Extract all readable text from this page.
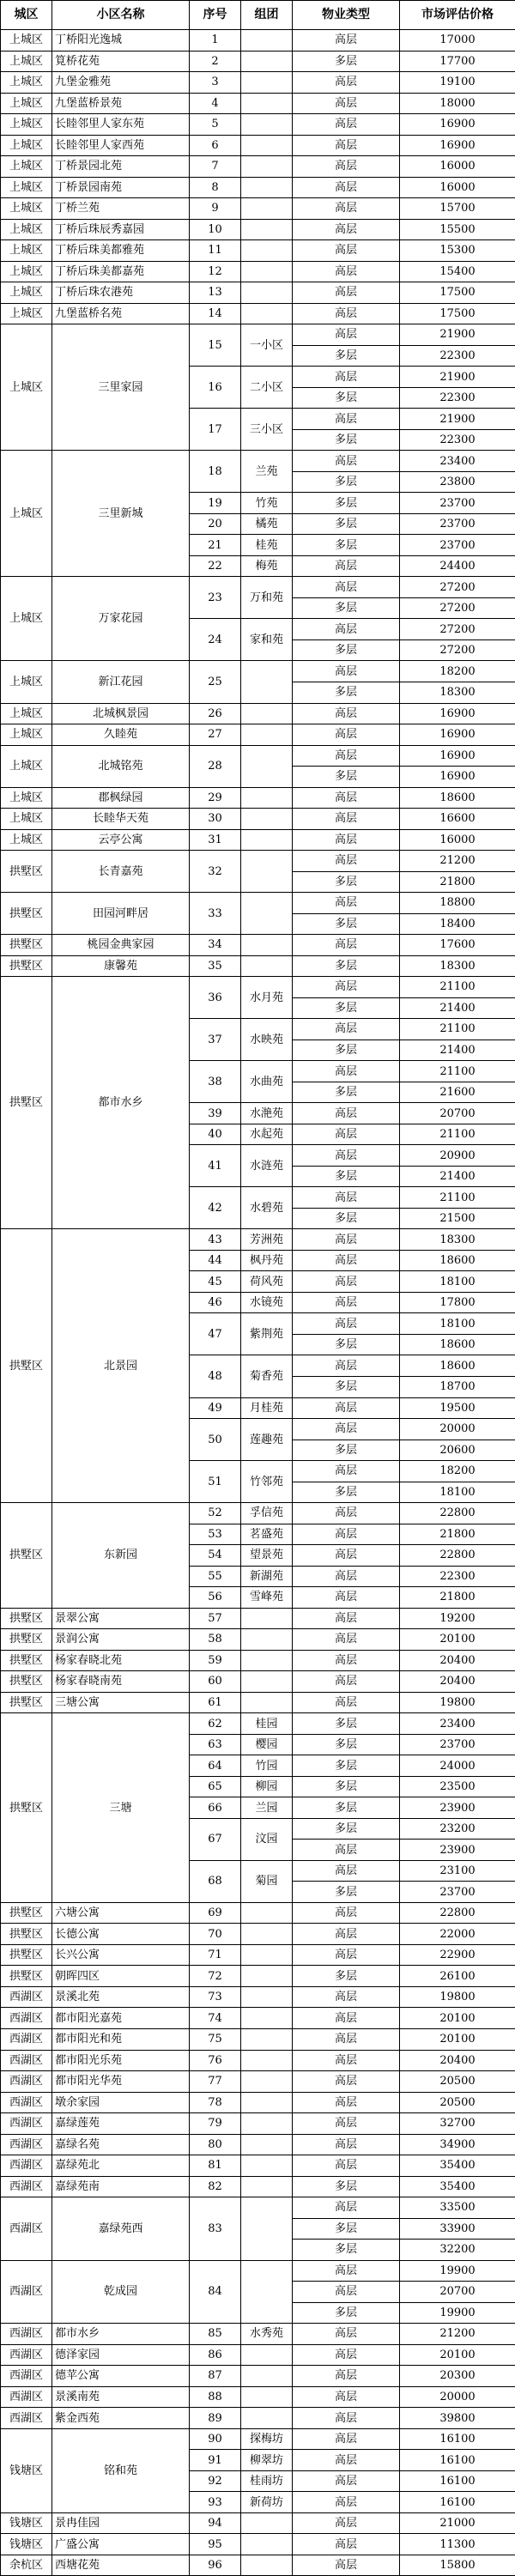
城区	小区名称	序号	组团	物业类型	市场评估价格
上城区	丁桥阳光逸城	1		高层	17000
上城区	筧桥花苑	2		多层	17700
上城区	九堡金雅苑	3		高层	19100
上城区	九堡蓝桥景苑	4		高层	18000
上城区	长睦邻里人家东苑	5		高层	16900
上城区	长睦邻里人家西苑	6		高层	16900
上城区	丁桥景园北苑	7		高层	16000
上城区	丁桥景园南苑	8		高层	16000
上城区	丁桥兰苑	9		高层	15700
上城区	丁桥后珠辰秀嘉园	10		高层	15500
上城区	丁桥后珠美都雅苑	11		高层	15300
上城区	丁桥后珠美都嘉苑	12		高层	15400
上城区	丁桥后珠农港苑	13		高层	17500
上城区	九堡蓝桥名苑	14		高层	17500
上城区	三里家园	15	一小区	高层	21900
				多层	22300
		16	二小区	高层	21900
				多层	22300
		17	三小区	高层	21900
				多层	22300
上城区	三里新城	18	兰苑	高层	23400
				多层	23800
		19	竹苑	多层	23700
		20	橘苑	多层	23700
		21	桂苑	多层	23700
		22	梅苑	高层	24400
上城区	万家花园	23	万和苑	高层	27200
				多层	27200
		24	家和苑	高层	27200
				多层	27200
上城区	新江花园	25		高层	18200
				多层	18300
上城区	北城枫景园	26		高层	16900
上城区	久睦苑	27		高层	16900
上城区	北城铭苑	28		高层	16900
				多层	16900
上城区	郡枫绿园	29		高层	18600
上城区	长睦华天苑	30		高层	16600
上城区	云亭公寓	31		高层	16000
拱墅区	长青嘉苑	32		高层	21200
				多层	21800
拱墅区	田园河畔居	33		高层	18800
				多层	18400
拱墅区	桃园金典家园	34		高层	17600
拱墅区	康馨苑	35		多层	18300
拱墅区	都市水乡	36	水月苑	高层	21100
				多层	21400
		37	水映苑	高层	21100
				多层	21400
		38	水曲苑	高层	21100
				多层	21600
		39	水滟苑	高层	20700
		40	水起苑	高层	21100
		41	水涟苑	高层	20900
				多层	21400
		42	水碧苑	高层	21100
				多层	21500
拱墅区	北景园	43	芳洲苑	高层	18300
		44	枫丹苑	高层	18600
		45	荷风苑	高层	18100
		46	水镜苑	高层	17800
		47	紫荆苑	高层	18100
				多层	18600
		48	菊香苑	高层	18600
				多层	18700
		49	月桂苑	高层	19500
		50	莲趣苑	高层	20000
				多层	20600
		51	竹邻苑	高层	18200
				多层	18100
拱墅区	东新园	52	孚信苑	高层	22800
		53	茗盛苑	高层	21800
		54	望景苑	高层	22800
		55	新湖苑	高层	22300
		56	雪峰苑	高层	21800
拱墅区	景翠公寓	57		高层	19200
拱墅区	景润公寓	58		高层	20100
拱墅区	杨家春晓北苑	59		高层	20400
拱墅区	杨家春晓南苑	60		高层	20400
拱墅区	三塘公寓	61		高层	19800
拱墅区	三塘	62	桂园	多层	23400
		63	樱园	多层	23700
		64	竹园	多层	24000
		65	柳园	多层	23500
		66	兰园	多层	23900
		67	汶园	多层	23200
				高层	23900
		68	菊园	高层	23100
				多层	23700
拱墅区	六塘公寓	69		高层	22800
拱墅区	长德公寓	70		高层	22000
拱墅区	长兴公寓	71		高层	22900
拱墅区	朝晖四区	72		多层	26100
西湖区	景溪北苑	73		高层	19800
西湖区	都市阳光嘉苑	74		高层	20100
西湖区	都市阳光和苑	75		高层	20100
西湖区	都市阳光乐苑	76		高层	20400
西湖区	都市阳光华苑	77		高层	20500
西湖区	墩余家园	78		高层	20500
西湖区	嘉绿莲苑	79		高层	32700
西湖区	嘉绿名苑	80		高层	34900
西湖区	嘉绿苑北	81		高层	35400
西湖区	嘉绿苑南	82		多层	35400
西湖区	嘉绿苑西	83		高层	33500
				多层	33900
				多层	32200
西湖区	乾成园	84		高层	19900
				高层	20700
				多层	19900
西湖区	都市水乡	85	水秀苑	高层	21200
西湖区	德泽家园	86		高层	20100
西湖区	德苹公寓	87		高层	20300
西湖区	景溪南苑	88		高层	20000
西湖区	紫金西苑	89		高层	39800
钱塘区	铭和苑	90	探梅坊	高层	16100
		91	柳翠坊	高层	16100
		92	桂雨坊	高层	16100
		93	新荷坊	高层	16100
钱塘区	景冉佳园	94		高层	21000
钱塘区	广盛公寓	95		高层	11300
余杭区	西塘花苑	96		高层	15800
